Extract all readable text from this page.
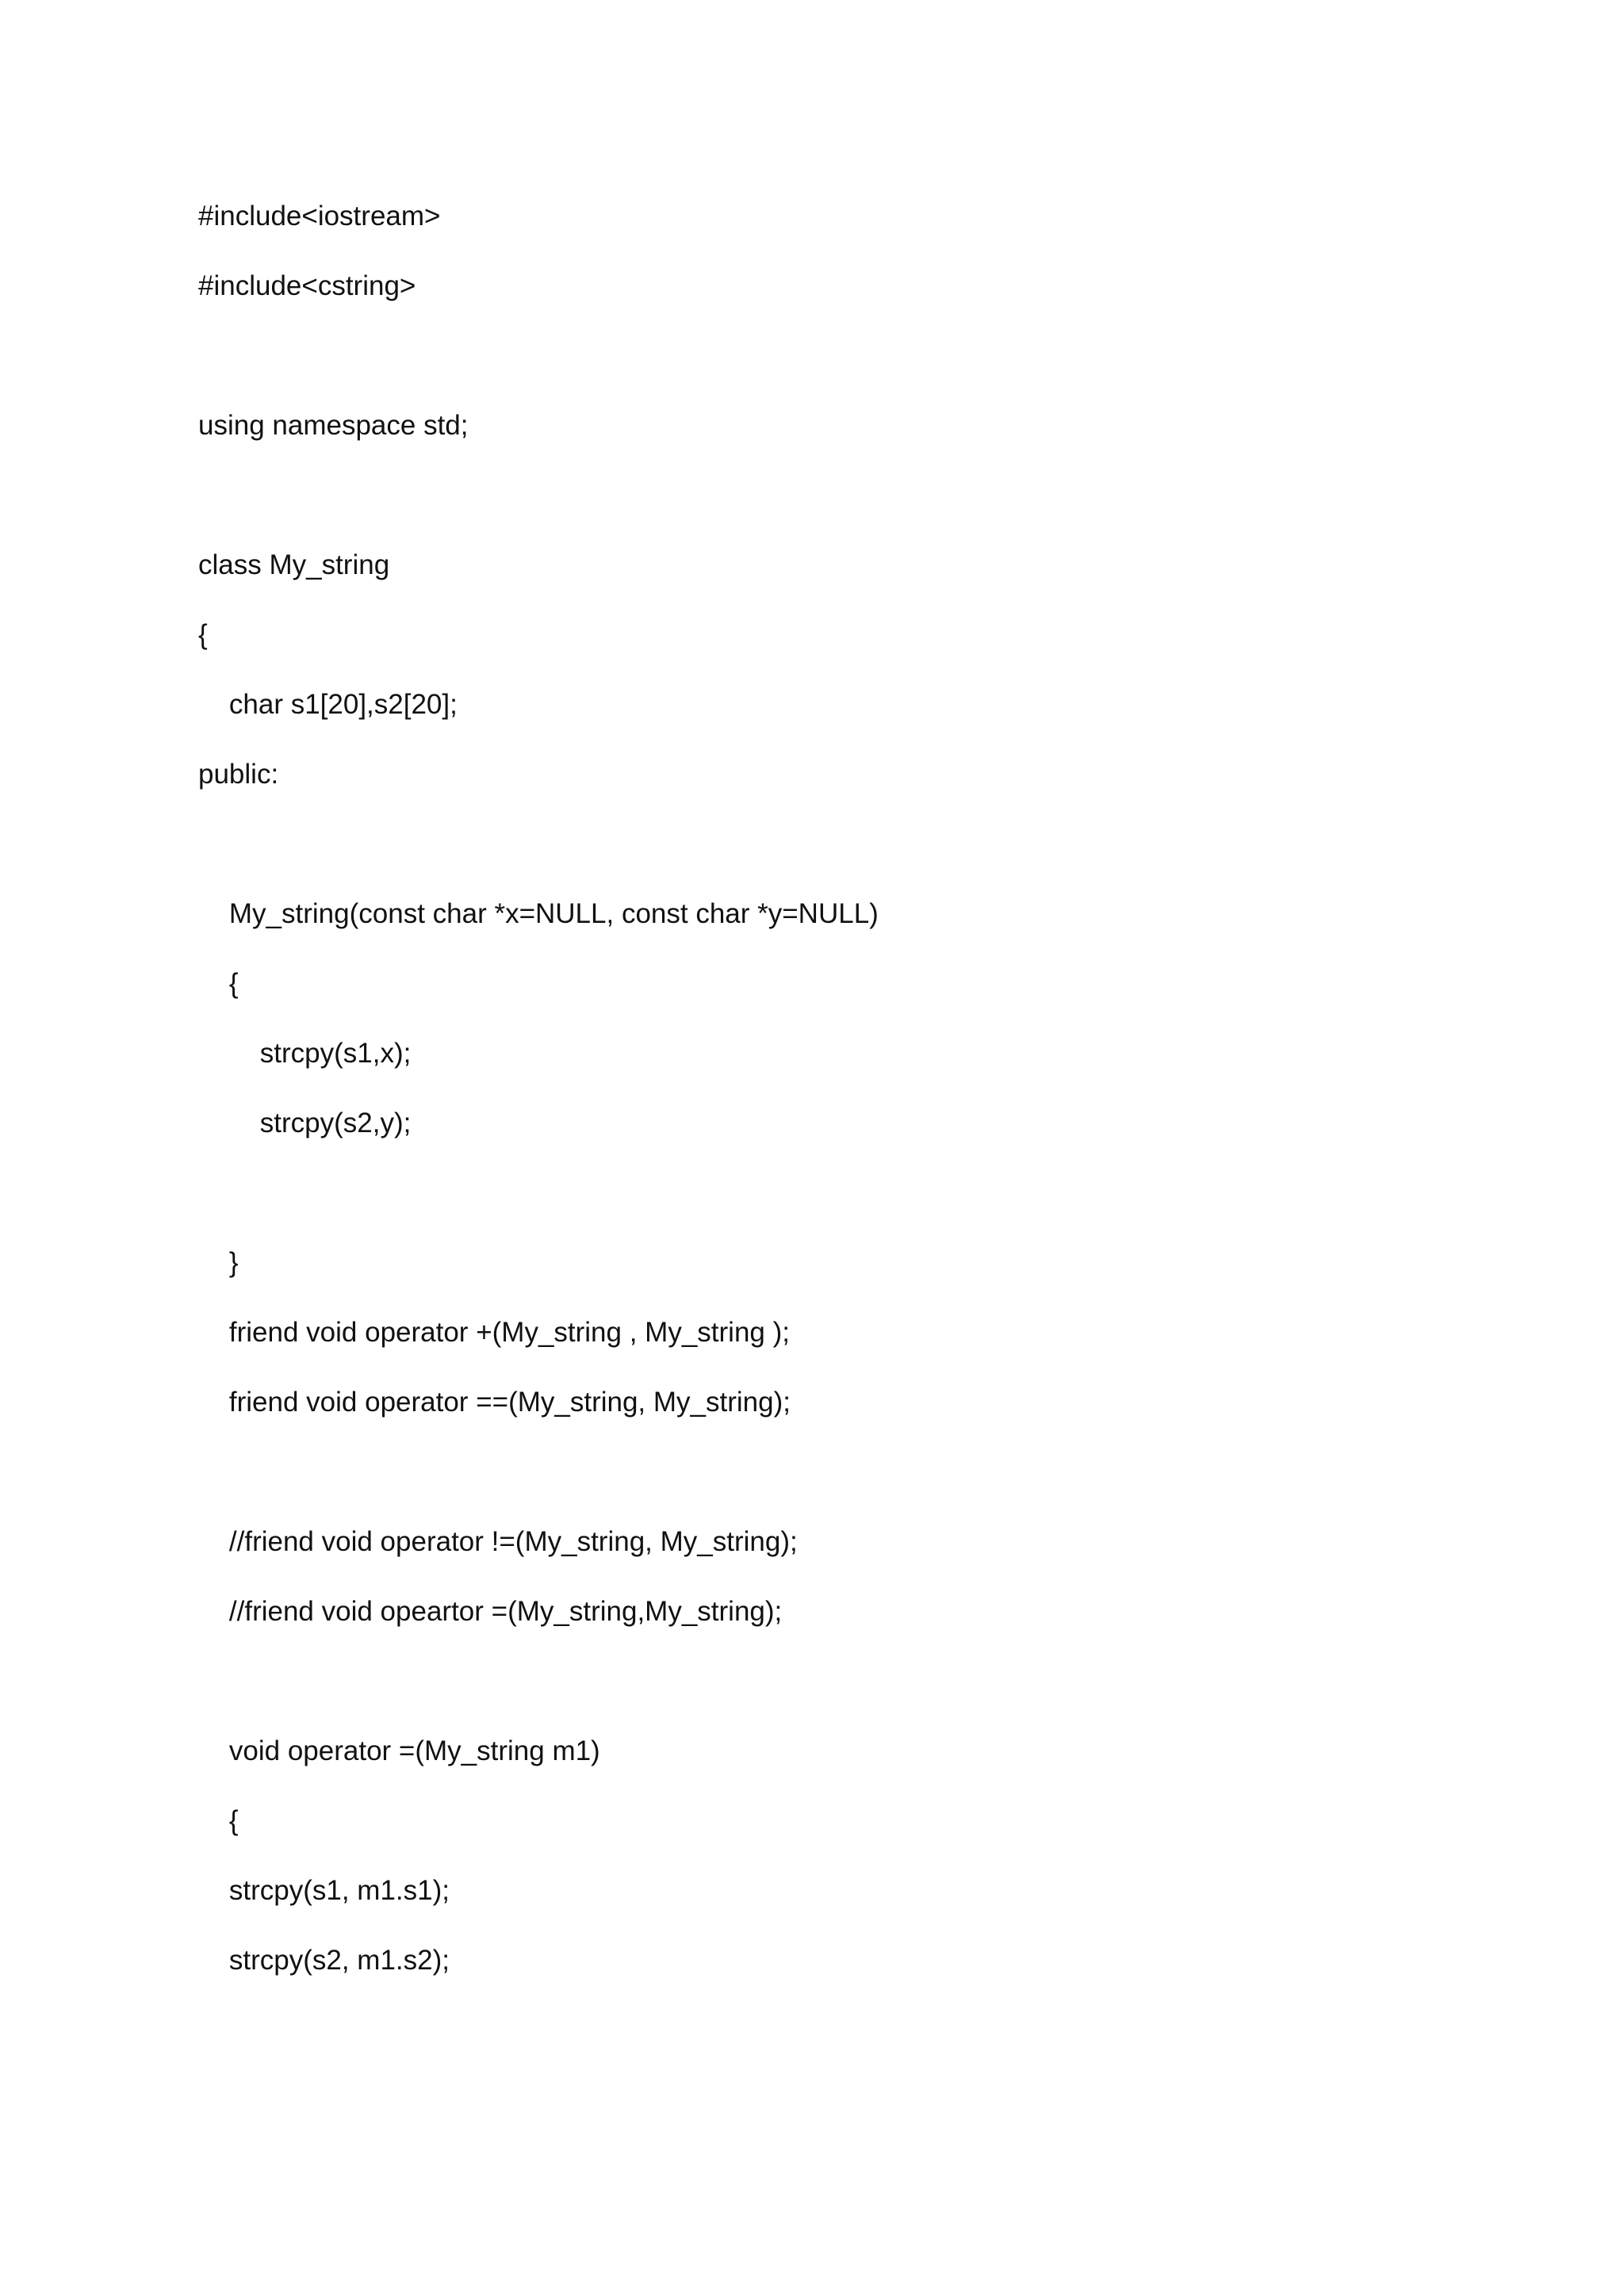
#include<iostream>
#include<cstring>
using namespace std;
class My_string
{
char s1[20],s2[20];
public:
My_string(const char *x=NULL, const char *y=NULL)
{
strcpy(s1,x);
strcpy(s2,y);
}
friend void operator +(My_string , My_string );
friend void operator ==(My_string, My_string);
//friend void operator !=(My_string, My_string);
//friend void opeartor =(My_string,My_string);
void operator =(My_string m1)
{
strcpy(s1, m1.s1);
strcpy(s2, m1.s2);
